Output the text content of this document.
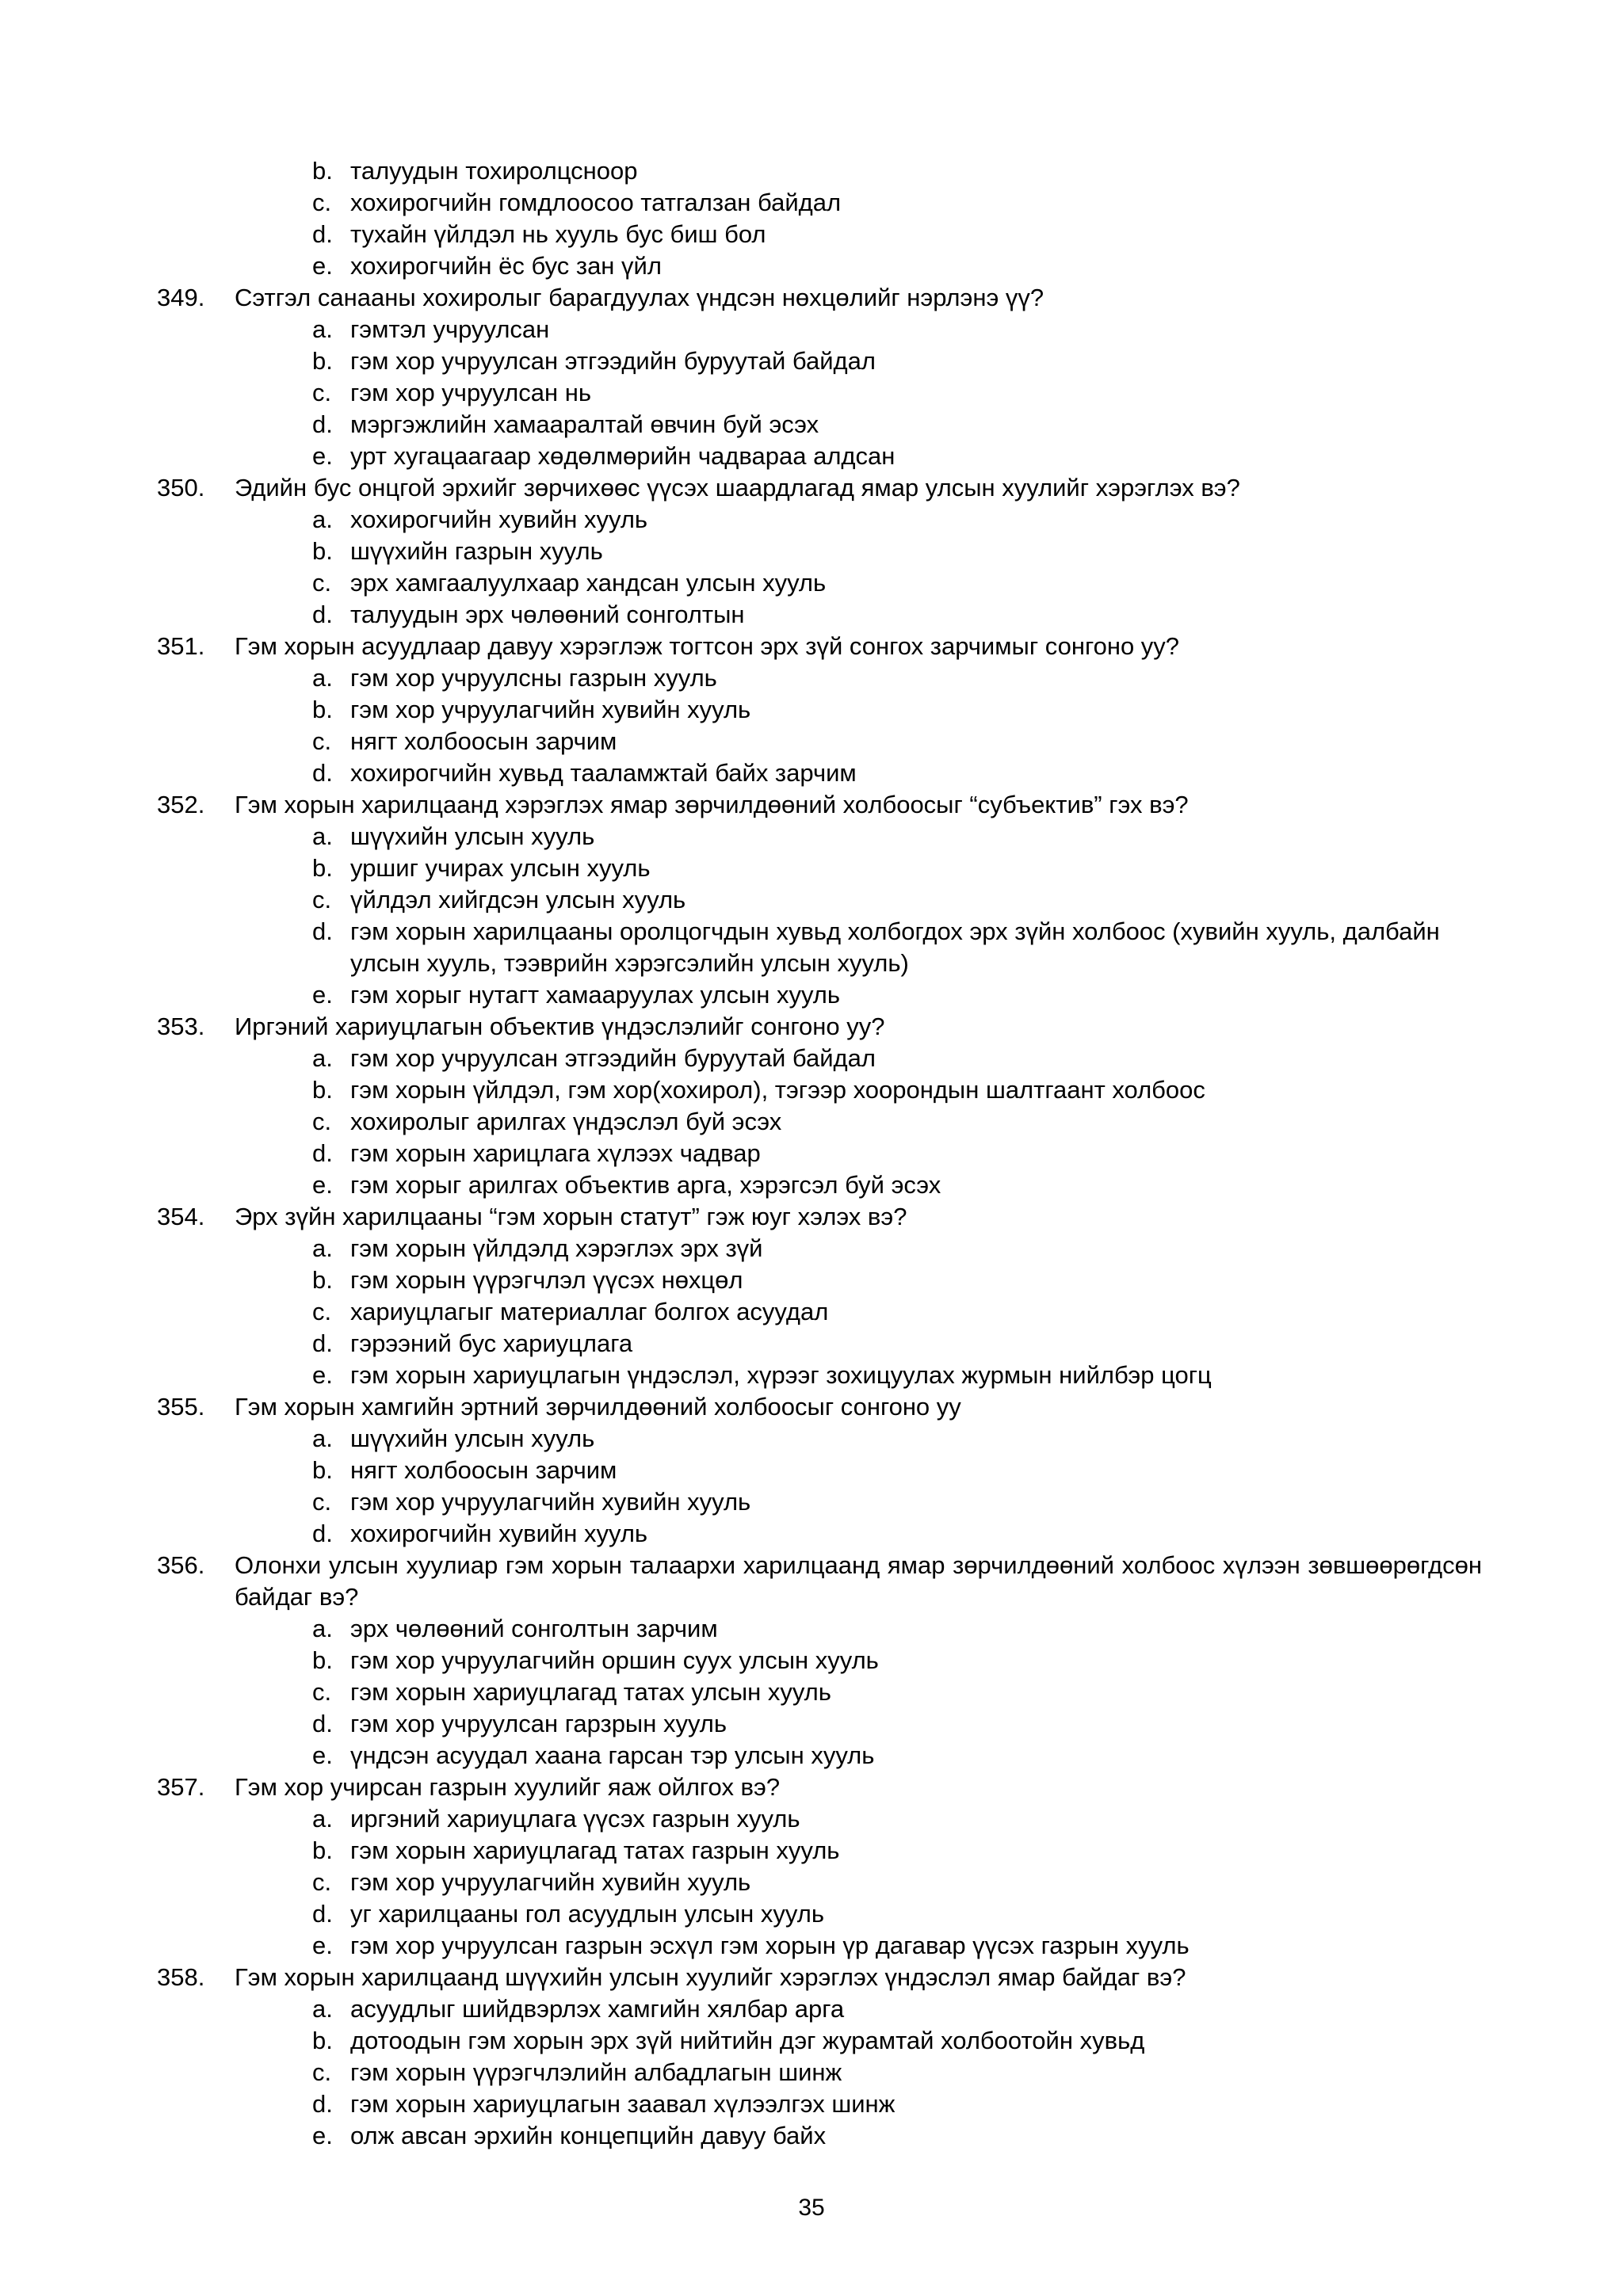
b. талуудын тохиролцсноор
c. хохирогчийн гомдлоосоо татгалзан байдал
d. тухайн үйлдэл нь хууль бус биш бол
e. хохирогчийн ёс бус зан үйл
349. Сэтгэл санааны хохиролыг барагдуулах үндсэн нөхцөлийг нэрлэнэ үү?
a. гэмтэл учруулсан
b. гэм хор учруулсан этгээдийн буруутай байдал
c. гэм хор учруулсан нь
d. мэргэжлийн хамааралтай өвчин буй эсэх
e. урт хугацаагаар хөдөлмөрийн чадвараа алдсан
350. Эдийн бус онцгой эрхийг зөрчихөөс үүсэх шаардлагад ямар улсын хуулийг хэрэглэх вэ?
a. хохирогчийн хувийн хууль
b. шүүхийн газрын хууль
c. эрх хамгаалуулхаар хандсан улсын хууль
d. талуудын эрх чөлөөний сонголтын
351. Гэм хорын асуудлаар давуу хэрэглэж тогтсон эрх зүй сонгох зарчимыг сонгоно уу?
a. гэм хор учруулсны газрын хууль
b. гэм хор учруулагчийн хувийн хууль
c. нягт холбоосын зарчим
d. хохирогчийн хувьд тааламжтай байх зарчим
352. Гэм хорын харилцаанд хэрэглэх ямар зөрчилдөөний холбоосыг “субъектив” гэх вэ?
a. шүүхийн улсын хууль
b. уршиг учирах улсын хууль
c. үйлдэл хийгдсэн улсын хууль
d. гэм хорын харилцааны оролцогчдын хувьд холбогдох эрх зүйн холбоос (хувийн хууль, далбайн улсын хууль, тээврийн хэрэгсэлийн улсын хууль)
e. гэм хорыг нутагт хамааруулах улсын хууль
353. Иргэний хариуцлагын объектив үндэслэлийг сонгоно уу?
a. гэм хор учруулсан этгээдийн буруутай байдал
b. гэм хорын үйлдэл, гэм хор(хохирол), тэгээр хоорондын шалтгаант холбоос
c. хохиролыг арилгах үндэслэл буй эсэх
d. гэм хорын харицлага хүлээх чадвар
e. гэм хорыг арилгах объектив арга, хэрэгсэл буй эсэх
354. Эрх зүйн харилцааны “гэм хорын статут” гэж юуг хэлэх вэ?
a. гэм хорын үйлдэлд хэрэглэх эрх зүй
b. гэм хорын үүрэгчлэл үүсэх нөхцөл
c. хариуцлагыг материаллаг болгох асуудал
d. гэрээний бус хариуцлага
e. гэм хорын хариуцлагын үндэслэл, хүрээг зохицуулах журмын нийлбэр цогц
355. Гэм хорын хамгийн эртний зөрчилдөөний холбоосыг сонгоно уу
a. шүүхийн улсын хууль
b. нягт холбоосын зарчим
c. гэм хор учруулагчийн хувийн хууль
d. хохирогчийн хувийн хууль
356. Олонхи улсын хуулиар гэм хорын талаархи харилцаанд ямар зөрчилдөөний холбоос хүлээн зөвшөөрөгдсөн байдаг вэ?
a. эрх чөлөөний сонголтын зарчим
b. гэм хор учруулагчийн оршин суух улсын хууль
c. гэм хорын хариуцлагад татах улсын хууль
d. гэм хор учруулсан гарзрын хууль
e. үндсэн асуудал хаана гарсан тэр улсын хууль
357. Гэм хор учирсан газрын хуулийг яаж ойлгох вэ?
a. иргэний хариуцлага үүсэх газрын хууль
b. гэм хорын хариуцлагад татах газрын хууль
c. гэм хор учруулагчийн хувийн хууль
d. уг харилцааны гол асуудлын улсын хууль
e. гэм хор учруулсан газрын эсхүл гэм хорын үр дагавар үүсэх газрын хууль
358. Гэм хорын харилцаанд шүүхийн улсын хуулийг хэрэглэх үндэслэл ямар байдаг вэ?
a. асуудлыг шийдвэрлэх хамгийн хялбар арга
b. дотоодын гэм хорын эрх зүй нийтийн дэг журамтай холбоотойн хувьд
c. гэм хорын үүрэгчлэлийн албадлагын шинж
d. гэм хорын хариуцлагын заавал хүлээлгэх шинж
e. олж авсан эрхийн концепцийн давуу байх
35
